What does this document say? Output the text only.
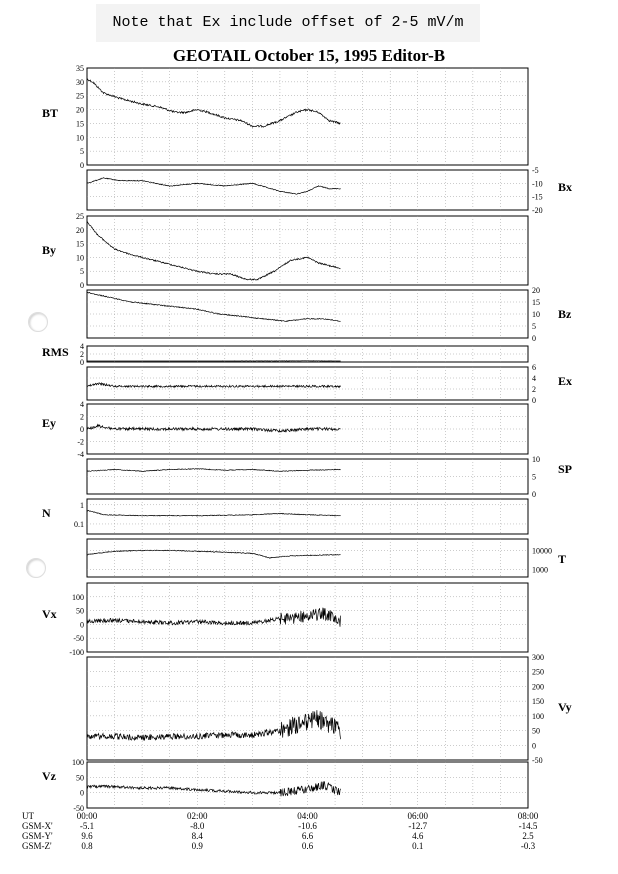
Note that Ex include offset of 2-5 mV/m
GEOTAIL October 15, 1995 Editor-B
35
30
25
20
15
10
5
0
BT
-5
-10
-15
-20
Bx
25
20
15
10
5
0
By
20
15
10
5
0
Bz
4
2
0
RMS
6
4
2
0
Ex
4
2
0
-2
-4
Ey
10
5
0
SP
1
0.1
N
10000
1000
T
100
50
0
-50
-100
Vx
300
250
200
150
100
50
0
-50
Vy
100
50
0
-50
Vz
UT	00:00	02:00	04:00	06:00	08:00
GSM-X'	-5.1	-8.0	-10.6	-12.7	-14.5
GSM-Y'	9.6	8.4	6.6	4.6	2.5
GSM-Z'	0.8	0.9	0.6	0.1	-0.3
